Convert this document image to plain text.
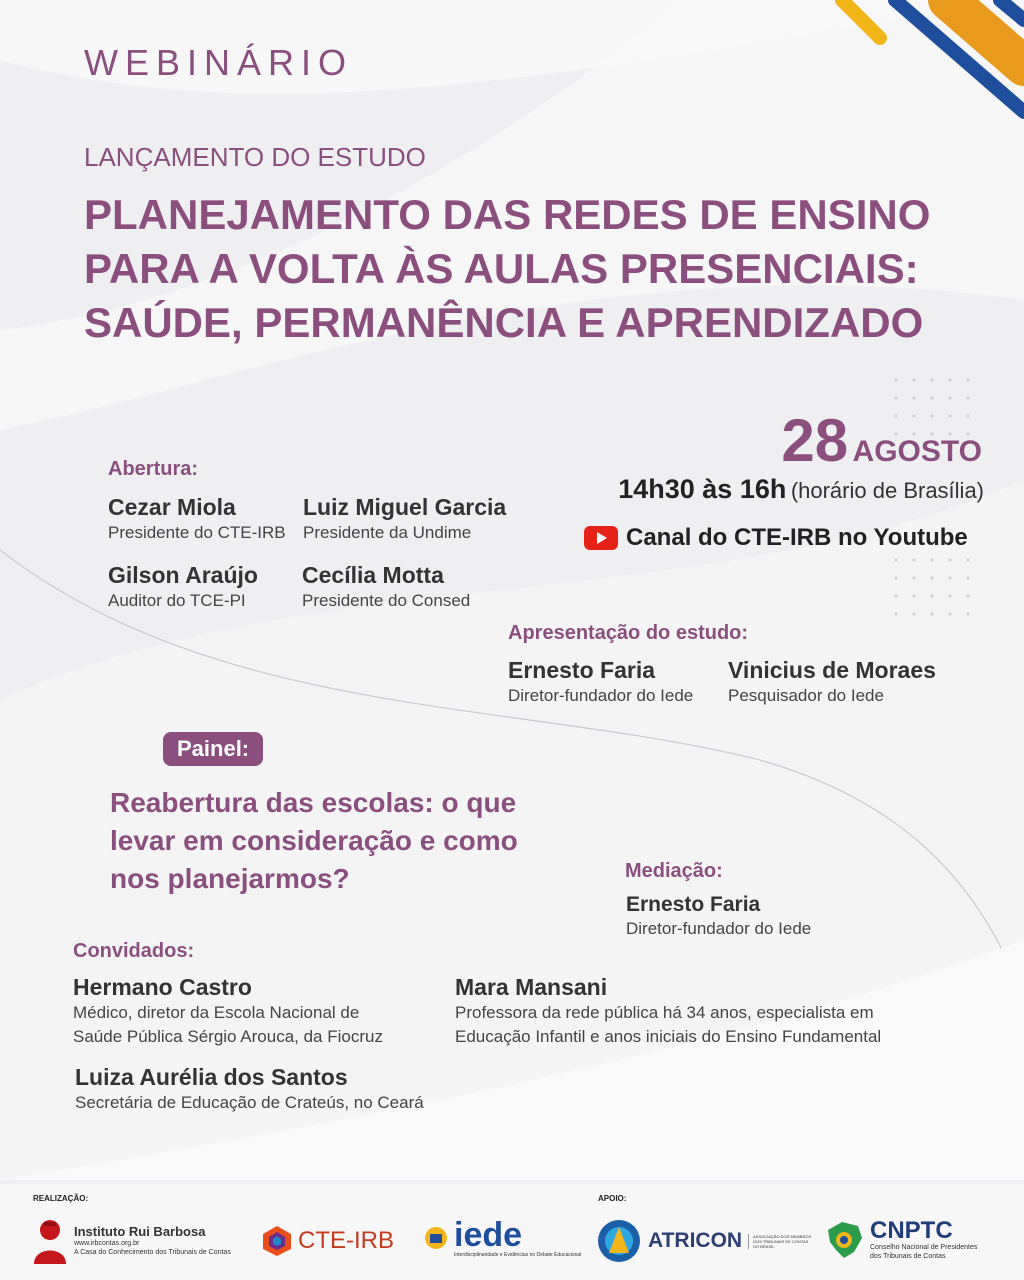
WEBINÁRIO
LANÇAMENTO DO ESTUDO
PLANEJAMENTO DAS REDES DE ENSINO PARA A VOLTA ÀS AULAS PRESENCIAIS: SAÚDE, PERMANÊNCIA E APRENDIZADO
28 AGOSTO
14h30 às 16h (horário de Brasília)
Canal do CTE-IRB no Youtube
Abertura:
Cezar Miola
Presidente do CTE-IRB
Luiz Miguel Garcia
Presidente da Undime
Gilson Araújo
Auditor do TCE-PI
Cecília Motta
Presidente do Consed
Apresentação do estudo:
Ernesto Faria
Diretor-fundador do Iede
Vinicius de Moraes
Pesquisador do Iede
Painel:
Reabertura das escolas: o que levar em consideração e como nos planejarmos?	Mediação:
Ernesto Faria
Diretor-fundador do Iede
Convidados:
Hermano Castro
Médico, diretor da Escola Nacional de
Saúde Pública Sérgio Arouca, da Fiocruz
Mara Mansani
Professora da rede pública há 34 anos, especialista em
Educação Infantil e anos iniciais do Ensino Fundamental
Luiza Aurélia dos Santos
Secretária de Educação de Crateús, no Ceará
REALIZAÇÃO:	APOIO:
Instituto Rui Barbosa
www.irbcontas.org.br
A Casa do Conhecimento dos Tribunais de Contas	CTE-IRB iede
Interdisciplinaridade e Evidências no Debate Educacional
ATRICON	ASSOCIAÇÃO DOS MEMBROS DOS TRIBUNAIS DE CONTAS DO BRASIL
CNPTC
Conselho Nacional de Presidentes
dos Tribunais de Contas
